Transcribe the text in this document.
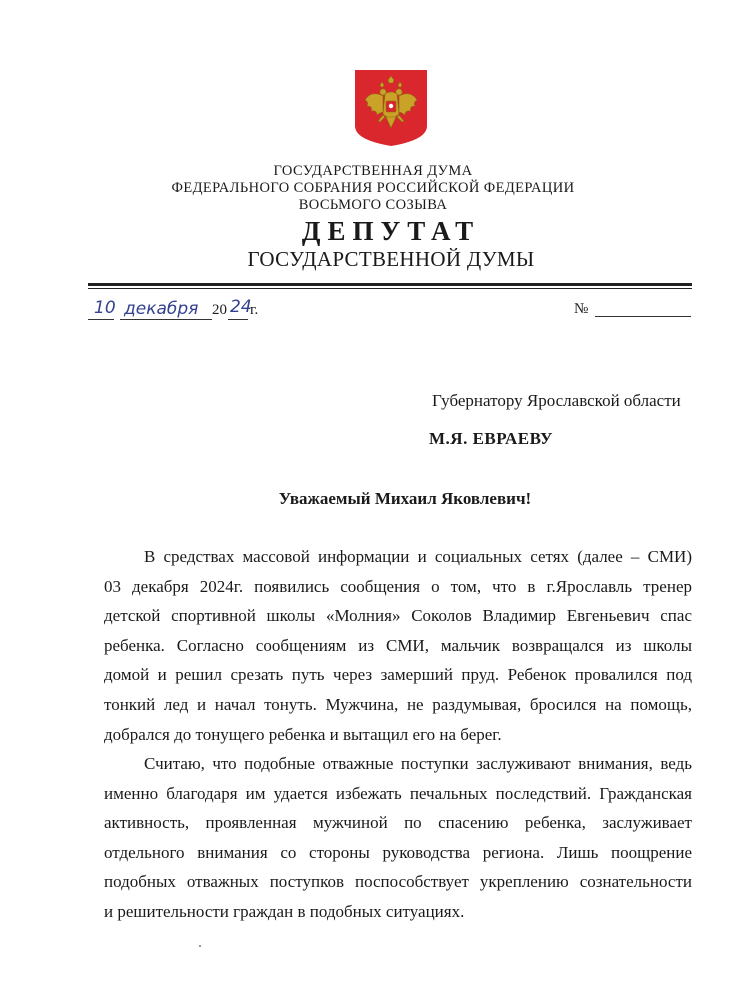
ГОСУДАРСТВЕННАЯ ДУМА
ФЕДЕРАЛЬНОГО СОБРАНИЯ РОССИЙСКОЙ ФЕДЕРАЦИИ
ВОСЬМОГО СОЗЫВА
ДЕПУТАТ
ГОСУДАРСТВЕННОЙ ДУМЫ
10 декабря 20 24
г.	№
Губернатору Ярославской области
М.Я. ЕВРАЕВУ
Уважаемый Михаил Яковлевич!
В средствах массовой информации и социальных сетях (далее – СМИ)
03 декабря 2024г. появились сообщения о том, что в г.Ярославль тренер
детской спортивной школы «Молния» Соколов Владимир Евгеньевич спас
ребенка. Согласно сообщениям из СМИ, мальчик возвращался из школы
домой и решил срезать путь через замерший пруд. Ребенок провалился под
тонкий лед и начал тонуть. Мужчина, не раздумывая, бросился на помощь,
добрался до тонущего ребенка и вытащил его на берег.
Считаю, что подобные отважные поступки заслуживают внимания, ведь
именно благодаря им удается избежать печальных последствий. Гражданская
активность, проявленная мужчиной по спасению ребенка, заслуживает
отдельного внимания со стороны руководства региона. Лишь поощрение
подобных отважных поступков поспособствует укреплению сознательности
и решительности граждан в подобных ситуациях.
